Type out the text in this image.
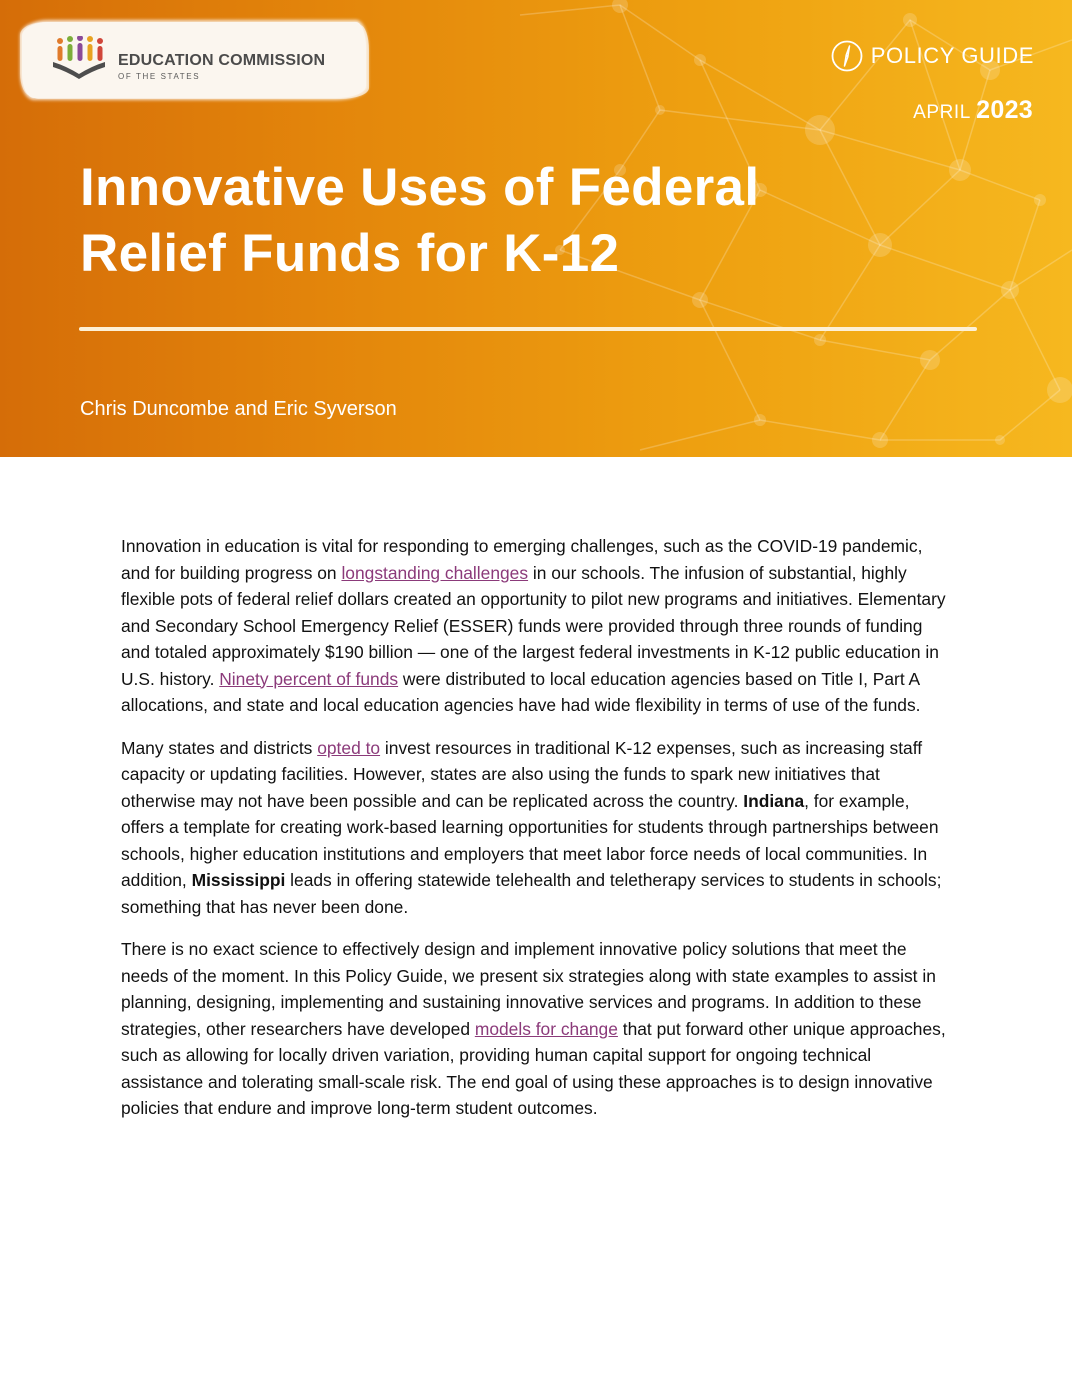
EDUCATION COMMISSION
OF THE STATES
POLICY GUIDE
APRIL 2023
Innovative Uses of Federal
Relief Funds for K-12
Chris Duncombe and Eric Syverson

Innovation in education is vital for responding to emerging challenges, such as the COVID-19 pandemic, and for building progress on longstanding challenges in our schools. The infusion of substantial, highly flexible pots of federal relief dollars created an opportunity to pilot new programs and initiatives. Elementary and Secondary School Emergency Relief (ESSER) funds were provided through three rounds of funding and totaled approximately $190 billion — one of the largest federal investments in K-12 public education in U.S. history. Ninety percent of funds were distributed to local education agencies based on Title I, Part A allocations, and state and local education agencies have had wide flexibility in terms of use of the funds.

Many states and districts opted to invest resources in traditional K-12 expenses, such as increasing staff capacity or updating facilities. However, states are also using the funds to spark new initiatives that otherwise may not have been possible and can be replicated across the country. Indiana, for example, offers a template for creating work-based learning opportunities for students through partnerships between schools, higher education institutions and employers that meet labor force needs of local communities. In addition, Mississippi leads in offering statewide telehealth and teletherapy services to students in schools; something that has never been done.

There is no exact science to effectively design and implement innovative policy solutions that meet the needs of the moment. In this Policy Guide, we present six strategies along with state examples to assist in planning, designing, implementing and sustaining innovative services and programs. In addition to these strategies, other researchers have developed models for change that put forward other unique approaches, such as allowing for locally driven variation, providing human capital support for ongoing technical assistance and tolerating small-scale risk. The end goal of using these approaches is to design innovative policies that endure and improve long-term student outcomes.
